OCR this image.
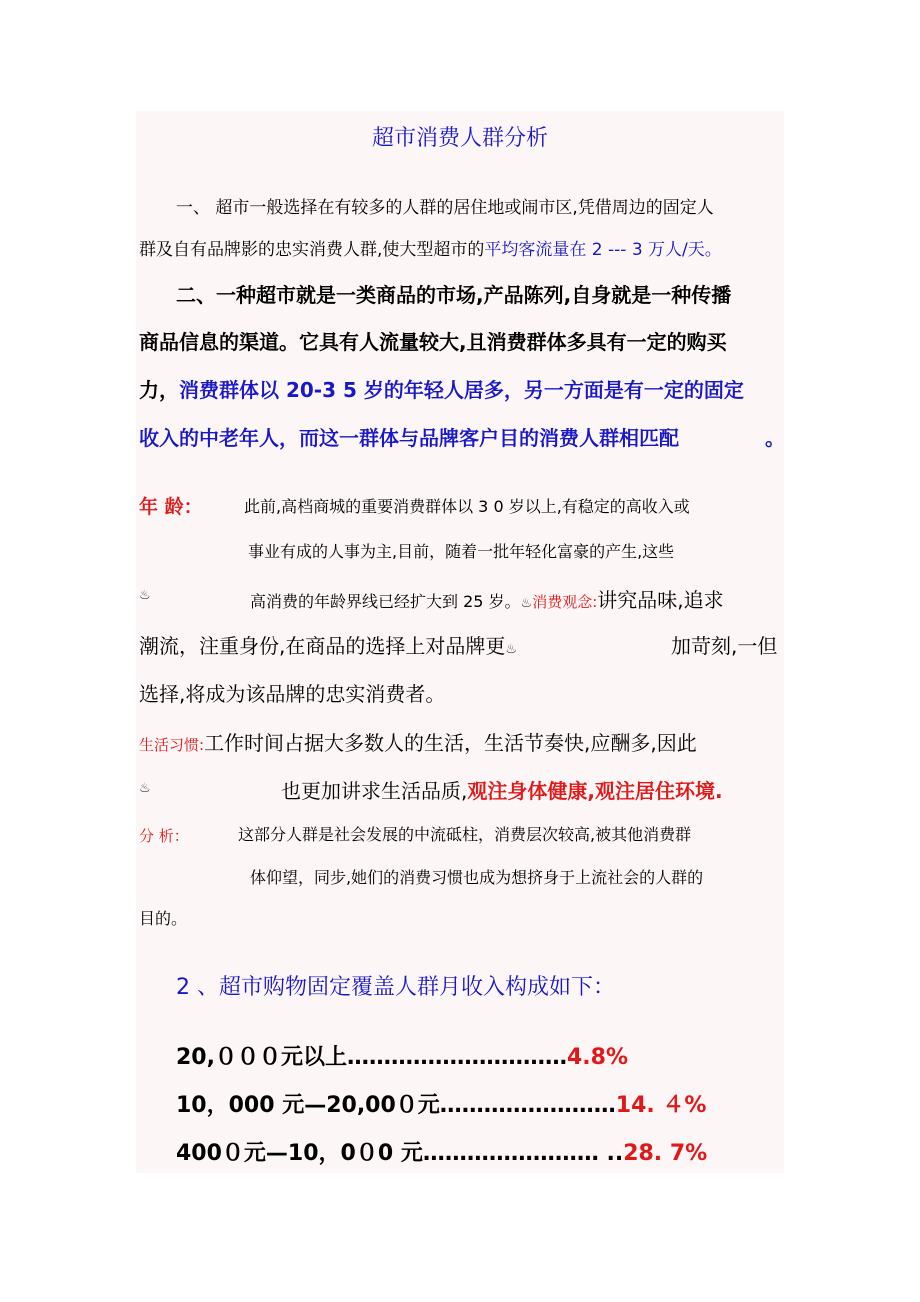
超市消费人群分析
一、 超市一般选择在有较多的人群的居住地或闹市区,凭借周边的固定人
群及自有品牌影的忠实消费人群,使大型超市的平均客流量在 2 --- 3 万人/天。
二、一种超市就是一类商品的市场,产品陈列,自身就是一种传播
商品信息的渠道。它具有人流量较大,且消费群体多具有一定的购买
力，消费群体以 20-3 5 岁的年轻人居多，另一方面是有一定的固定
收入的中老年人，而这一群体与品牌客户目的消费人群相匹配	。
年 龄：	此前,高档商城的重要消费群体以 3 0 岁以上,有稳定的高收入或
事业有成的人事为主,目前，随着一批年轻化富豪的产生,这些
♨	高消费的年龄界线已经扩大到 25 岁。♨消费观念:讲究品味,追求
潮流，注重身份,在商品的选择上对品牌更♨	加苛刻,一但
选择,将成为该品牌的忠实消费者。
生活习惯:工作时间占据大多数人的生活，生活节奏快,应酬多,因此
♨	也更加讲求生活品质,观注身体健康,观注居住环境.
分 析：	这部分人群是社会发展的中流砥柱，消费层次较高,被其他消费群
体仰望，同步,她们的消费习惯也成为想挤身于上流社会的人群的
目的。
2 、超市购物固定覆盖人群月收入构成如下：
20,０００元以上…………………………4.8%
10，000 元—20,00０元……………………14. ４%
400０元—10，0０0 元…………………… ..28. 7%
